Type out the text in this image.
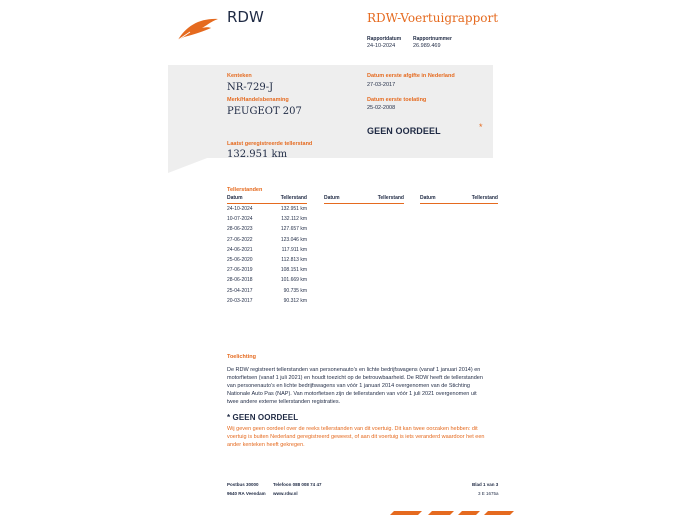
RDW	RDW-Voertuigrapport
Rapportdatum
24-10-2024
Rapportnummer
26.989.469
Kenteken
NR-729-J
Merk/Handelsbenaming
PEUGEOT 207
Laatst geregistreerde tellerstand
132.951 km
Datum eerste afgifte in Nederland
27-03-2017
Datum eerste toelating
25-02-2008
GEEN OORDEEL	*
Tellerstanden
Datum	Tellerstand	Datum	Tellerstand	Datum	Tellerstand
24-10-2024	132.951 km
10-07-2024	132.112 km
28-06-2023	127.657 km
27-06-2022	123.046 km
24-06-2021	117.911 km
25-06-2020	112.813 km
27-06-2019	108.151 km
28-06-2018	101.669 km
25-04-2017	90.735 km
20-03-2017	90.312 km
Toelichting
De RDW registreert tellerstanden van personenauto’s en lichte bedrijfswagens (vanaf 1 januari 2014) en
motorfietsen (vanaf 1 juli 2021) en houdt toezicht op de betrouwbaarheid. De RDW heeft de tellerstanden
van personenauto’s en lichte bedrijfswagens van vóór 1 januari 2014 overgenomen van de Stichting
Nationale Auto Pas (NAP). Van motorfietsen zijn de tellerstanden van vóór 1 juli 2021 overgenomen uit
twee andere externe tellerstanden registraties.
* GEEN OORDEEL
Wij geven geen oordeel over de reeks tellerstanden van dit voertuig. Dit kan twee oorzaken hebben: dit
voertuig is buiten Nederland geregistreerd geweest, of aan dit voertuig is iets veranderd waardoor het een
ander kenteken heeft gekregen.
Postbus 30000
9640 RA Veendam
Telefoon 088 008 74 47
www.rdw.nl
Blad 1 van 3
3 E 1675a
